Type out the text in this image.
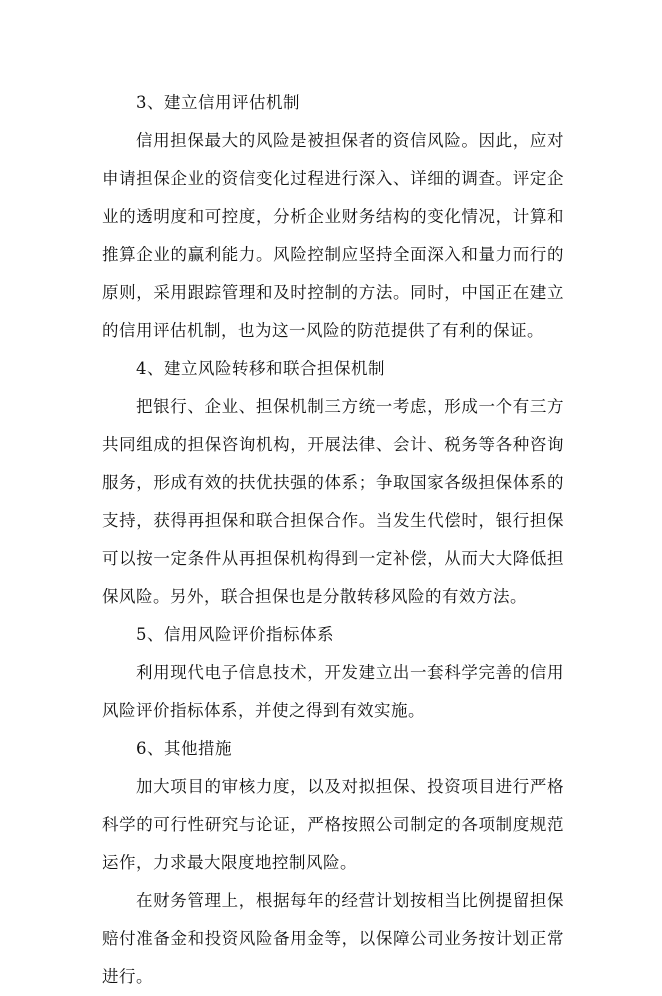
3、建立信用评估机制

信用担保最大的风险是被担保者的资信风险。因此，应对申请担保企业的资信变化过程进行深入、详细的调查。评定企业的透明度和可控度，分析企业财务结构的变化情况，计算和推算企业的赢利能力。风险控制应坚持全面深入和量力而行的原则，采用跟踪管理和及时控制的方法。同时，中国正在建立的信用评估机制，也为这一风险的防范提供了有利的保证。

4、建立风险转移和联合担保机制

把银行、企业、担保机制三方统一考虑，形成一个有三方共同组成的担保咨询机构，开展法律、会计、税务等各种咨询服务，形成有效的扶优扶强的体系；争取国家各级担保体系的支持，获得再担保和联合担保合作。当发生代偿时，银行担保可以按一定条件从再担保机构得到一定补偿，从而大大降低担保风险。另外，联合担保也是分散转移风险的有效方法。

5、信用风险评价指标体系

利用现代电子信息技术，开发建立出一套科学完善的信用风险评价指标体系，并使之得到有效实施。

6、其他措施

加大项目的审核力度，以及对拟担保、投资项目进行严格科学的可行性研究与论证，严格按照公司制定的各项制度规范运作，力求最大限度地控制风险。

在财务管理上，根据每年的经营计划按相当比例提留担保赔付准备金和投资风险备用金等，以保障公司业务按计划正常进行。
